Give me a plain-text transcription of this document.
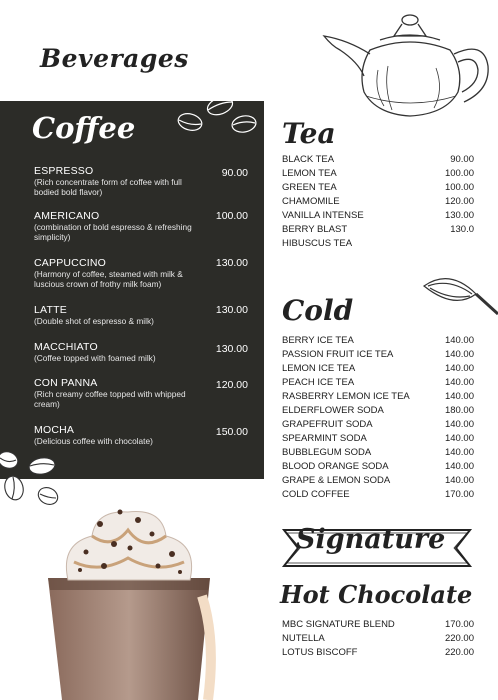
Beverages
Coffee
ESPRESSO
(Rich concentrate form of coffee with full bodied bold flavor)
90.00
AMERICANO
(combination of bold espresso & refreshing simplicity)
100.00
CAPPUCCINO
(Harmony of coffee, steamed with milk & luscious crown of frothy milk foam)
130.00
LATTE
(Double shot of espresso & milk)
130.00
MACCHIATO
(Coffee topped with foamed milk)
130.00
CON PANNA
(Rich creamy coffee topped with whipped cream)
120.00
MOCHA
(Delicious coffee with chocolate)
150.00
Tea
BLACK TEA	90.00
LEMON TEA	100.00
GREEN TEA	100.00
CHAMOMILE	120.00
VANILLA INTENSE	130.00
BERRY BLAST	130.0
HIBUSCUS TEA
Cold
BERRY ICE TEA	140.00
PASSION FRUIT ICE TEA	140.00
LEMON ICE TEA	140.00
PEACH ICE TEA	140.00
RASBERRY LEMON ICE TEA	140.00
ELDERFLOWER SODA	180.00
GRAPEFRUIT SODA	140.00
SPEARMINT SODA	140.00
BUBBLEGUM SODA	140.00
BLOOD ORANGE SODA	140.00
GRAPE & LEMON SODA	140.00
COLD COFFEE	170.00
Signature
Hot Chocolate
MBC SIGNATURE BLEND	170.00
NUTELLA	220.00
LOTUS BISCOFF	220.00
